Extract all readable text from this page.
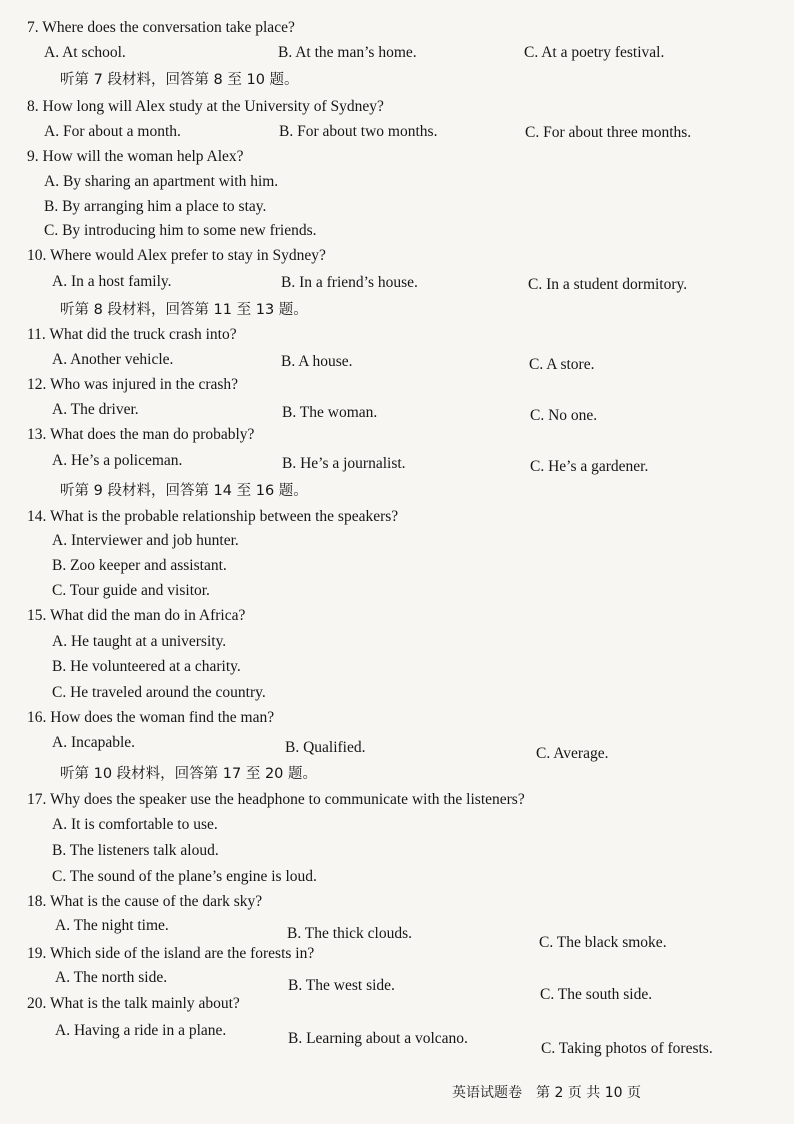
7. Where does the conversation take place?
A. At school.	B. At the man’s home.	C. At a poetry festival.
听第 7 段材料，回答第 8 至 10 题。
8. How long will Alex study at the University of Sydney?
A. For about a month.	B. For about two months.	C. For about three months.
9. How will the woman help Alex?
A. By sharing an apartment with him.
B. By arranging him a place to stay.
C. By introducing him to some new friends.
10. Where would Alex prefer to stay in Sydney?
A. In a host family.	B. In a friend’s house.	C. In a student dormitory.
听第 8 段材料，回答第 11 至 13 题。
11. What did the truck crash into?
A. Another vehicle.	B. A house.	C. A store.
12. Who was injured in the crash?
A. The driver.	B. The woman.	C. No one.
13. What does the man do probably?
A. He’s a policeman.	B. He’s a journalist.	C. He’s a gardener.
听第 9 段材料，回答第 14 至 16 题。
14. What is the probable relationship between the speakers?
A. Interviewer and job hunter.
B. Zoo keeper and assistant.
C. Tour guide and visitor.
15. What did the man do in Africa?
A. He taught at a university.
B. He volunteered at a charity.
C. He traveled around the country.
16. How does the woman find the man?
A. Incapable.	B. Qualified.	C. Average.
听第 10 段材料，回答第 17 至 20 题。
17. Why does the speaker use the headphone to communicate with the listeners?
A. It is comfortable to use.
B. The listeners talk aloud.
C. The sound of the plane’s engine is loud.
18. What is the cause of the dark sky?
A. The night time.	B. The thick clouds.
C. The black smoke.
19. Which side of the island are the forests in?
A. The north side.	B. The west side.
C. The south side.
20. What is the talk mainly about?
A. Having a ride in a plane.	B. Learning about a volcano.
C. Taking photos of forests.
英语试题卷　第 2 页 共 10 页
